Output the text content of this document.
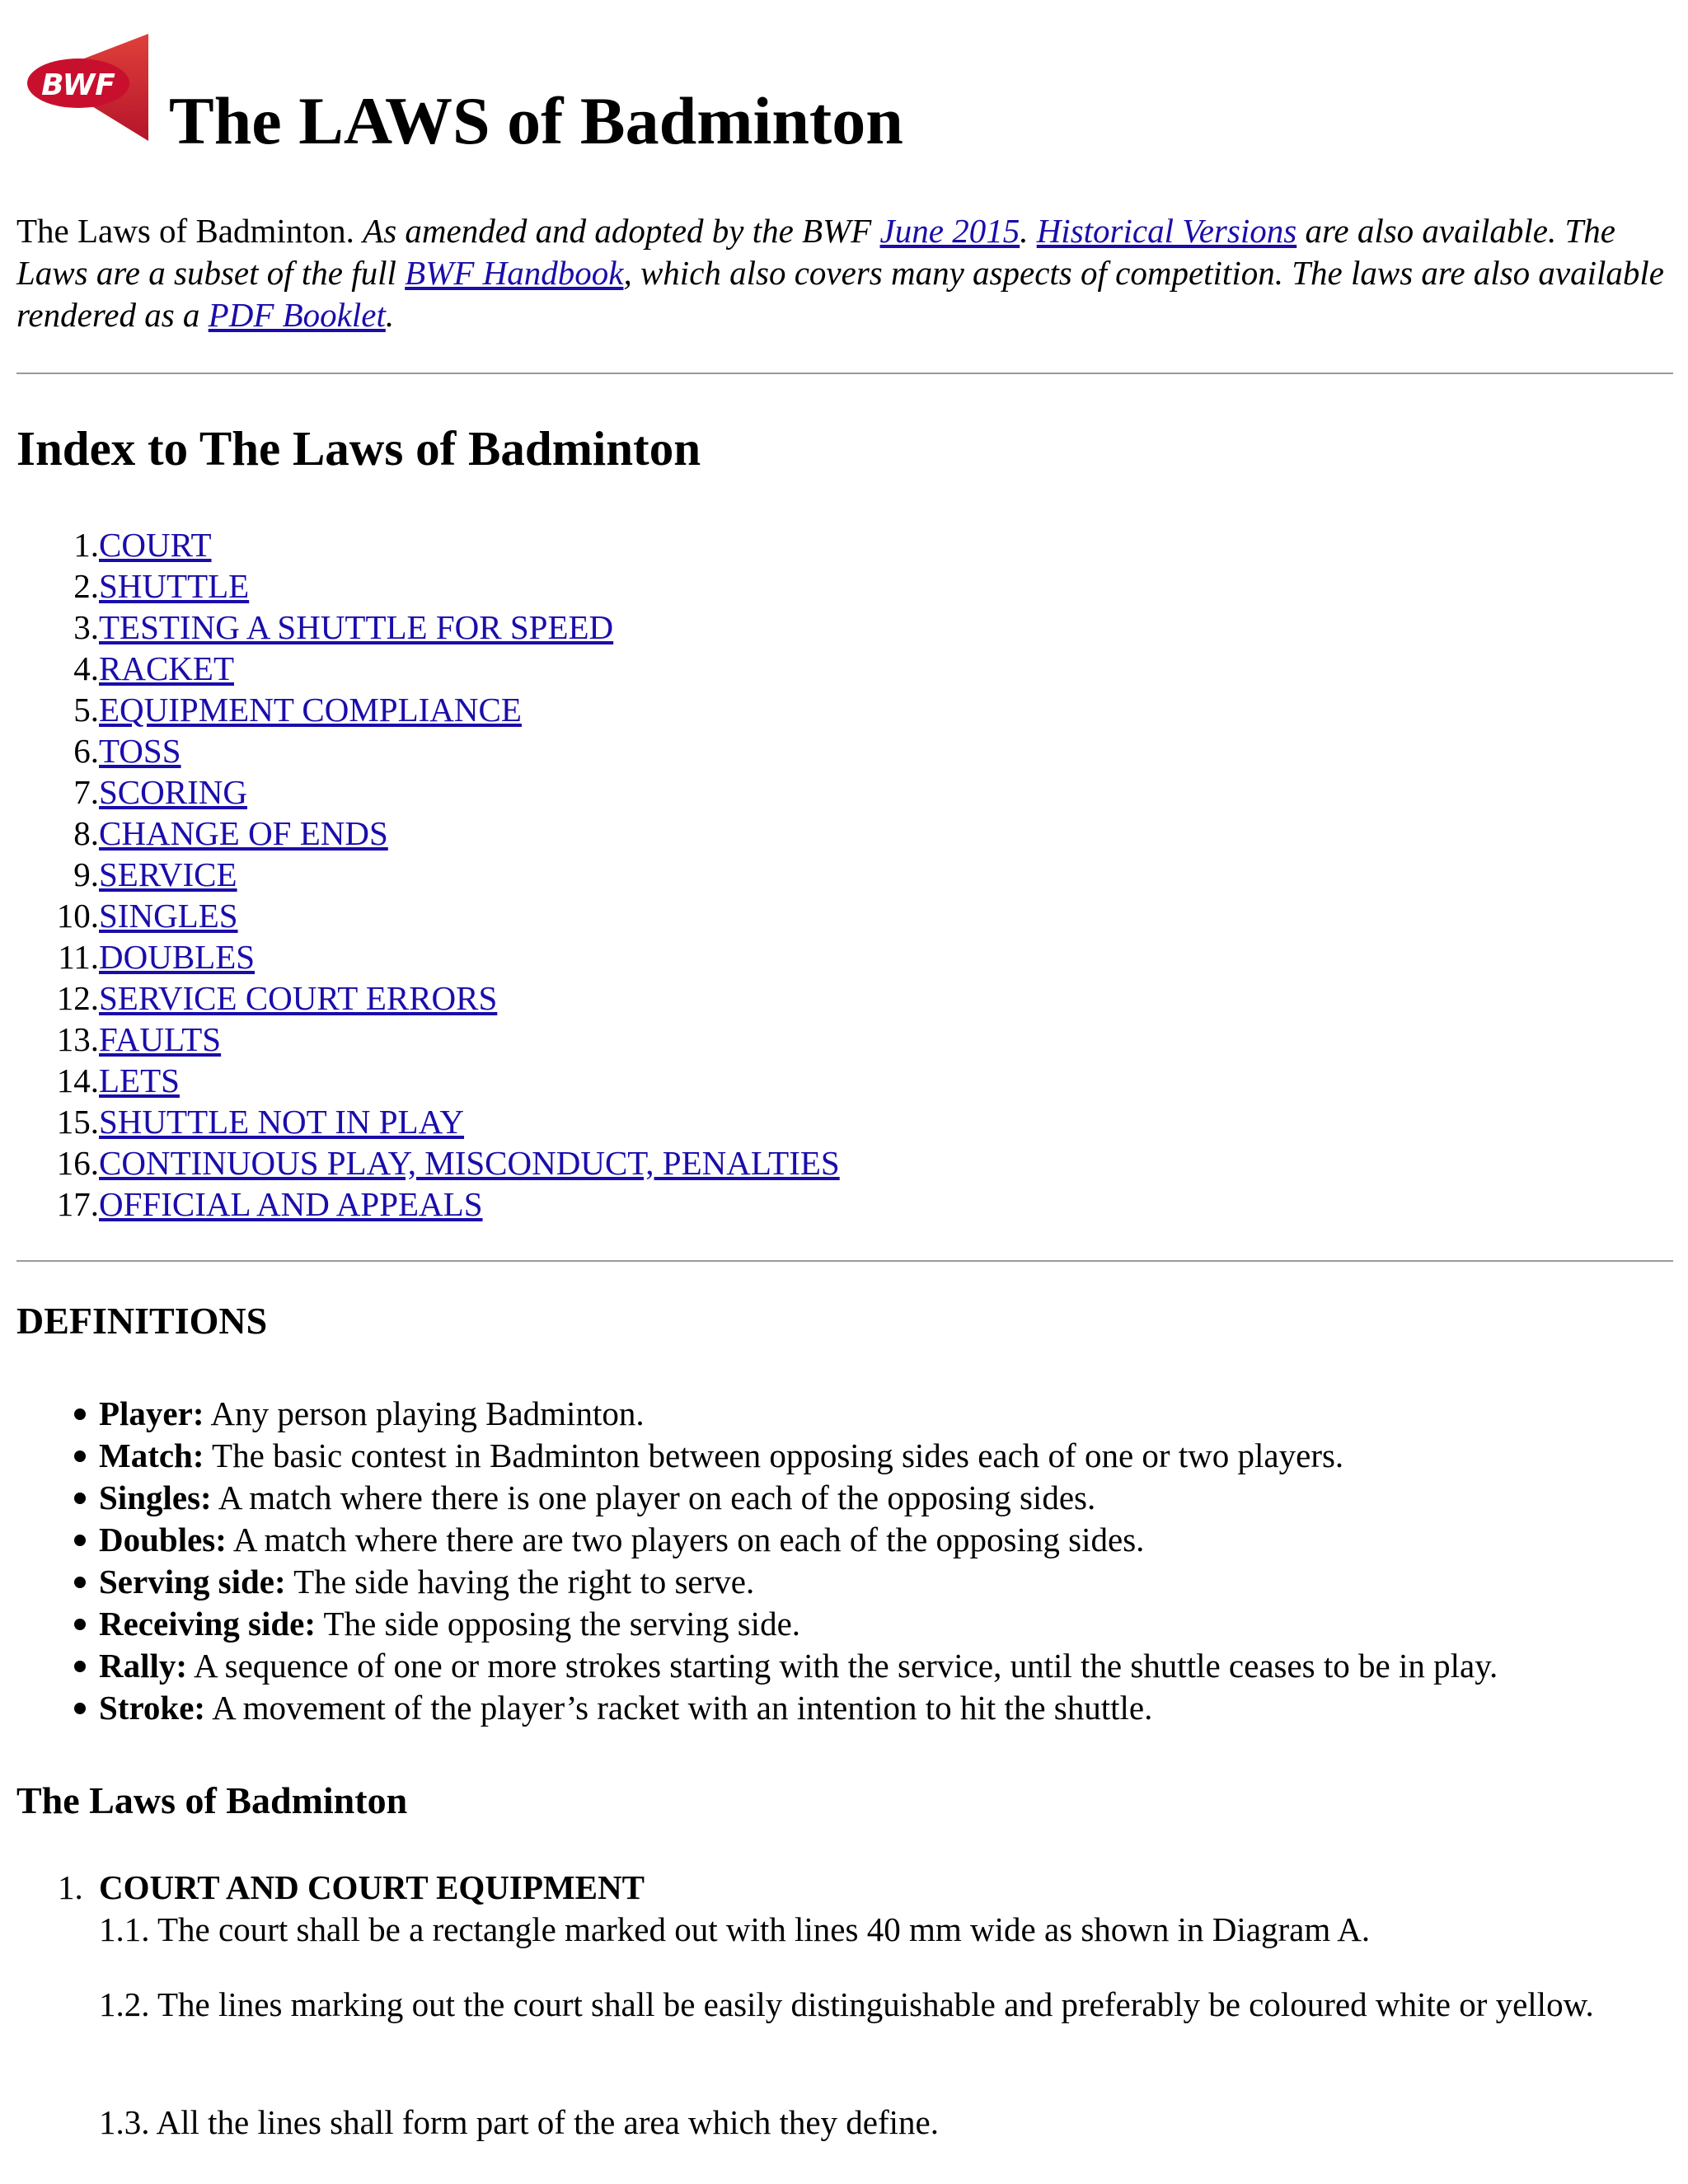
BWF The LAWS of Badminton

The Laws of Badminton. As amended and adopted by the BWF June 2015. Historical Versions are also available. The Laws are a subset of the full BWF Handbook, which also covers many aspects of competition. The laws are also available rendered as a PDF Booklet.

Index to The Laws of Badminton
1. COURT
2. SHUTTLE
3. TESTING A SHUTTLE FOR SPEED
4. RACKET
5. EQUIPMENT COMPLIANCE
6. TOSS
7. SCORING
8. CHANGE OF ENDS
9. SERVICE
10. SINGLES
11. DOUBLES
12. SERVICE COURT ERRORS
13. FAULTS
14. LETS
15. SHUTTLE NOT IN PLAY
16. CONTINUOUS PLAY, MISCONDUCT, PENALTIES
17. OFFICIAL AND APPEALS
DEFINITIONS
Player: Any person playing Badminton.
Match: The basic contest in Badminton between opposing sides each of one or two players.
Singles: A match where there is one player on each of the opposing sides.
Doubles: A match where there are two players on each of the opposing sides.
Serving side: The side having the right to serve.
Receiving side: The side opposing the serving side.
Rally: A sequence of one or more strokes starting with the service, until the shuttle ceases to be in play.
Stroke: A movement of the player’s racket with an intention to hit the shuttle.
The Laws of Badminton
1. COURT AND COURT EQUIPMENT

1.1. The court shall be a rectangle marked out with lines 40 mm wide as shown in Diagram A.

1.2. The lines marking out the court shall be easily distinguishable and preferably be coloured white or yellow.

1.3. All the lines shall form part of the area which they define.
